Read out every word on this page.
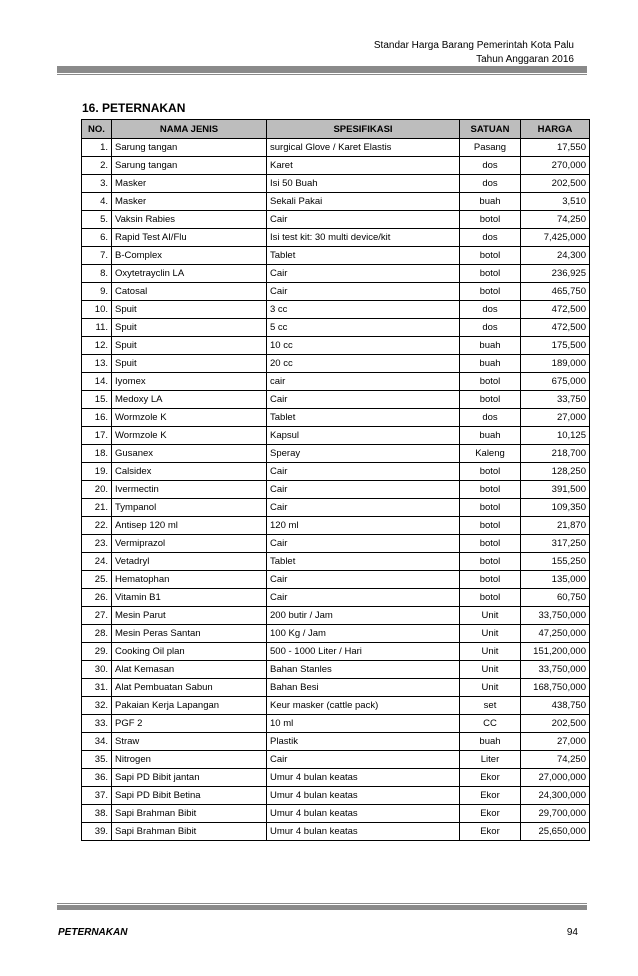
Standar Harga Barang Pemerintah Kota Palu
Tahun Anggaran 2016
16. PETERNAKAN
NO.	NAMA JENIS	SPESIFIKASI	SATUAN	HARGA
1.	Sarung tangan	surgical Glove / Karet Elastis	Pasang	17,550
2.	Sarung tangan	Karet	dos	270,000
3.	Masker	Isi 50 Buah	dos	202,500
4.	Masker	Sekali Pakai	buah	3,510
5.	Vaksin Rabies	Cair	botol	74,250
6.	Rapid Test AI/Flu	Isi test kit: 30 multi device/kit	dos	7,425,000
7.	B-Complex	Tablet	botol	24,300
8.	Oxytetrayclin LA	Cair	botol	236,925
9.	Catosal	Cair	botol	465,750
10.	Spuit	3 cc	dos	472,500
11.	Spuit	5 cc	dos	472,500
12.	Spuit	10 cc	buah	175,500
13.	Spuit	20 cc	buah	189,000
14.	Iyomex	cair	botol	675,000
15.	Medoxy LA	Cair	botol	33,750
16.	Wormzole K	Tablet	dos	27,000
17.	Wormzole K	Kapsul	buah	10,125
18.	Gusanex	Speray	Kaleng	218,700
19.	Calsidex	Cair	botol	128,250
20.	Ivermectin	Cair	botol	391,500
21.	Tympanol	Cair	botol	109,350
22.	Antisep 120 ml	120 ml	botol	21,870
23.	Vermiprazol	Cair	botol	317,250
24.	Vetadryl	Tablet	botol	155,250
25.	Hematophan	Cair	botol	135,000
26.	Vitamin B1	Cair	botol	60,750
27.	Mesin Parut	200 butir / Jam	Unit	33,750,000
28.	Mesin Peras Santan	100 Kg / Jam	Unit	47,250,000
29.	Cooking Oil plan	500 - 1000 Liter / Hari	Unit	151,200,000
30.	Alat Kemasan	Bahan Stanles	Unit	33,750,000
31.	Alat Pembuatan Sabun	Bahan Besi	Unit	168,750,000
32.	Pakaian Kerja Lapangan	Keur masker (cattle pack)	set	438,750
33.	PGF 2	10 ml	CC	202,500
34.	Straw	Plastik	buah	27,000
35.	Nitrogen	Cair	Liter	74,250
36.	Sapi PD Bibit jantan	Umur 4 bulan keatas	Ekor	27,000,000
37.	Sapi PD Bibit Betina	Umur 4 bulan keatas	Ekor	24,300,000
38.	Sapi Brahman Bibit	Umur 4 bulan keatas	Ekor	29,700,000
39.	Sapi Brahman Bibit	Umur 4 bulan keatas	Ekor	25,650,000
PETERNAKAN	94
